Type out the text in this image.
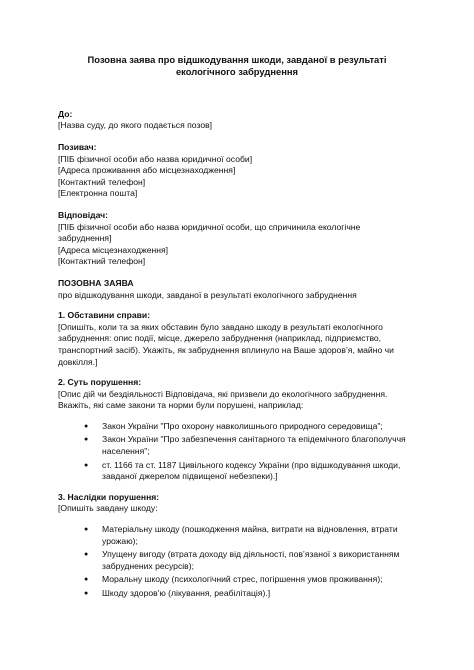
Позовна заява про відшкодування шкоди, завданої в результаті
екологічного забруднення

До:

[Назва суду, до якого подається позов]

Позивач:

[ПІБ фізичної особи або назва юридичної особи]

[Адреса проживання або місцезнаходження]

[Контактний телефон]

[Електронна пошта]

Відповідач:

[ПІБ фізичної особи або назва юридичної особи, що спричинила екологічне

забруднення]

[Адреса місцезнаходження]

[Контактний телефон]

ПОЗОВНА ЗАЯВА

про відшкодування шкоди, завданої в результаті екологічного забруднення

1. Обставини справи:

[Опишіть, коли та за яких обставин було завдано шкоду в результаті екологічного

забруднення: опис події, місце, джерело забруднення (наприклад, підприємство,

транспортний засіб). Укажіть, як забруднення вплинуло на Ваше здоров’я, майно чи

довкілля.]

2. Суть порушення:

[Опис дій чи бездіяльності Відповідача, які призвели до екологічного забруднення.

Вкажіть, які саме закони та норми були порушені, наприклад:

● Закон України "Про охорону навколишнього природного середовища";
● Закон України "Про забезпечення санітарного та епідемічного благополуччя
населення";
● ст. 1166 та ст. 1187 Цивільного кодексу України (про відшкодування шкоди,
завданої джерелом підвищеної небезпеки).]

3. Наслідки порушення:

[Опишіть завдану шкоду:

● Матеріальну шкоду (пошкодження майна, витрати на відновлення, втрати
урожаю);
● Упущену вигоду (втрата доходу від діяльності, пов’язаної з використанням
забруднених ресурсів);
● Моральну шкоду (психологічний стрес, погіршення умов проживання);
● Шкоду здоров'ю (лікування, реабілітація).]
